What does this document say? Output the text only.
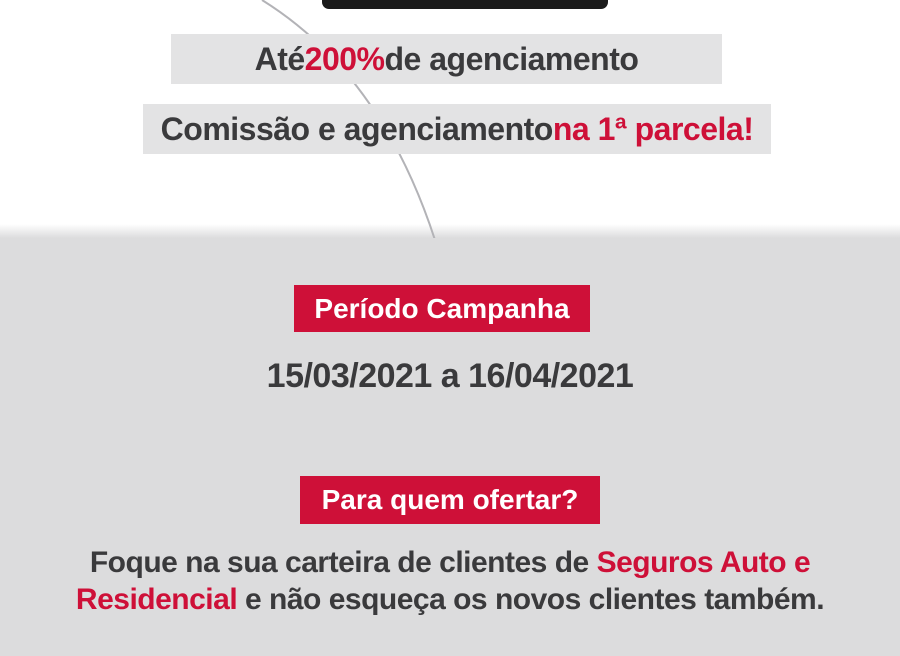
Até 200% de agenciamento
Comissão e agenciamento na 1ª parcela!
Período Campanha
15/03/2021 a 16/04/2021
Para quem ofertar?

Foque na sua carteira de clientes de Seguros Auto e
Residencial e não esqueça os novos clientes também.
